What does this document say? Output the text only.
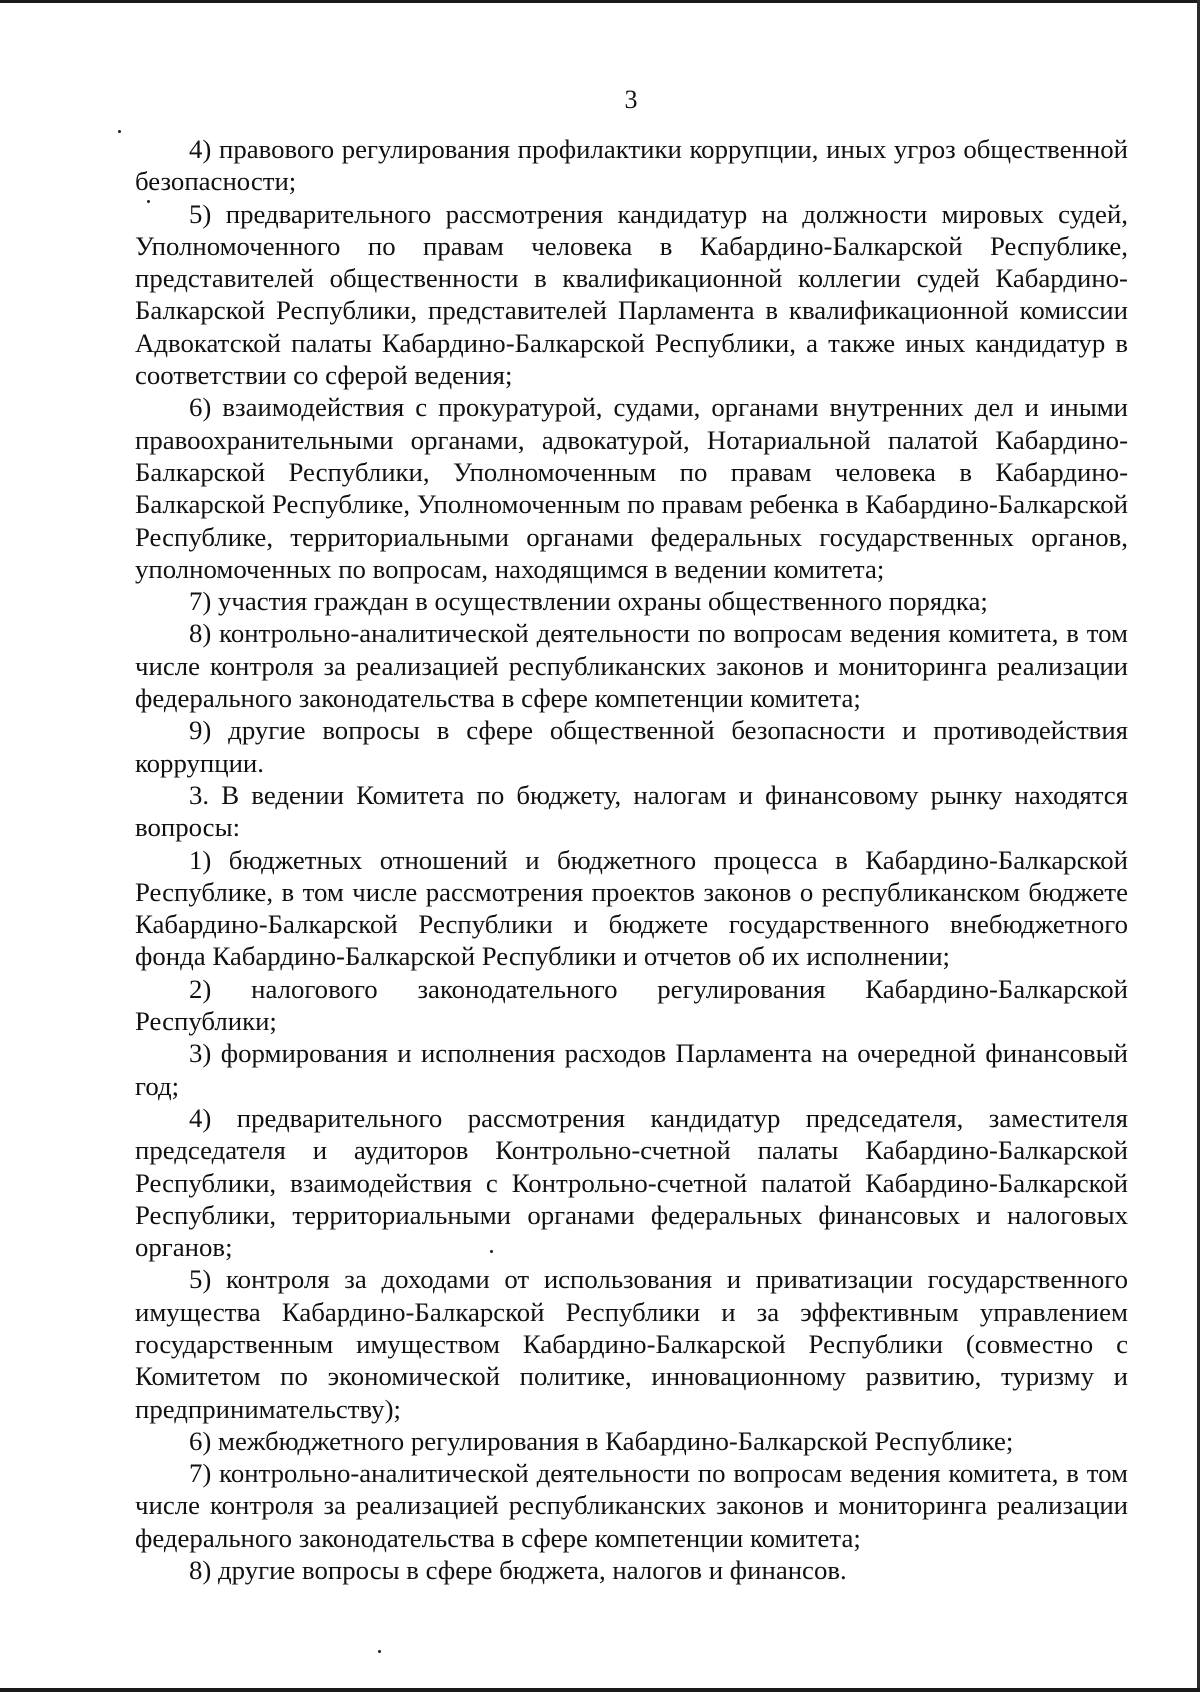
3

4) правового регулирования профилактики коррупции, иных угроз общественной безопасности;

5) предварительного рассмотрения кандидатур на должности мировых судей, Уполномоченного по правам человека в Кабардино-Балкарской Республике, представителей общественности в квалификационной коллегии судей Кабардино-Балкарской Республики, представителей Парламента в квалификационной комиссии Адвокатской палаты Кабардино-Балкарской Республики, а также иных кандидатур в соответствии со сферой ведения;

6) взаимодействия с прокуратурой, судами, органами внутренних дел и иными правоохранительными органами, адвокатурой, Нотариальной палатой Кабардино-Балкарской Республики, Уполномоченным по правам человека в Кабардино-Балкарской Республике, Уполномоченным по правам ребенка в Кабардино-Балкарской Республике, территориальными органами федеральных государственных органов, уполномоченных по вопросам, находящимся в ведении комитета;

7) участия граждан в осуществлении охраны общественного порядка;

8) контрольно-аналитической деятельности по вопросам ведения комитета, в том числе контроля за реализацией республиканских законов и мониторинга реализации федерального законодательства в сфере компетенции комитета;

9) другие вопросы в сфере общественной безопасности и противодействия коррупции.

3. В ведении Комитета по бюджету, налогам и финансовому рынку находятся вопросы:

1) бюджетных отношений и бюджетного процесса в Кабардино-Балкарской Республике, в том числе рассмотрения проектов законов о республиканском бюджете Кабардино-Балкарской Республики и бюджете государственного внебюджетного фонда Кабардино-Балкарской Республики и отчетов об их исполнении;

2) налогового законодательного регулирования Кабардино-Балкарской Республики;

3) формирования и исполнения расходов Парламента на очередной финансовый год;

4) предварительного рассмотрения кандидатур председателя, заместителя председателя и аудиторов Контрольно-счетной палаты Кабардино-Балкарской Республики, взаимодействия с Контрольно-счетной палатой Кабардино-Балкарской Республики, территориальными органами федеральных финансовых и налоговых органов;

5) контроля за доходами от использования и приватизации государственного имущества Кабардино-Балкарской Республики и за эффективным управлением государственным имуществом Кабардино-Балкарской Республики (совместно с Комитетом по экономической политике, инновационному развитию, туризму и предпринимательству);

6) межбюджетного регулирования в Кабардино-Балкарской Республике;

7) контрольно-аналитической деятельности по вопросам ведения комитета, в том числе контроля за реализацией республиканских законов и мониторинга реализации федерального законодательства в сфере компетенции комитета;

8) другие вопросы в сфере бюджета, налогов и финансов.
